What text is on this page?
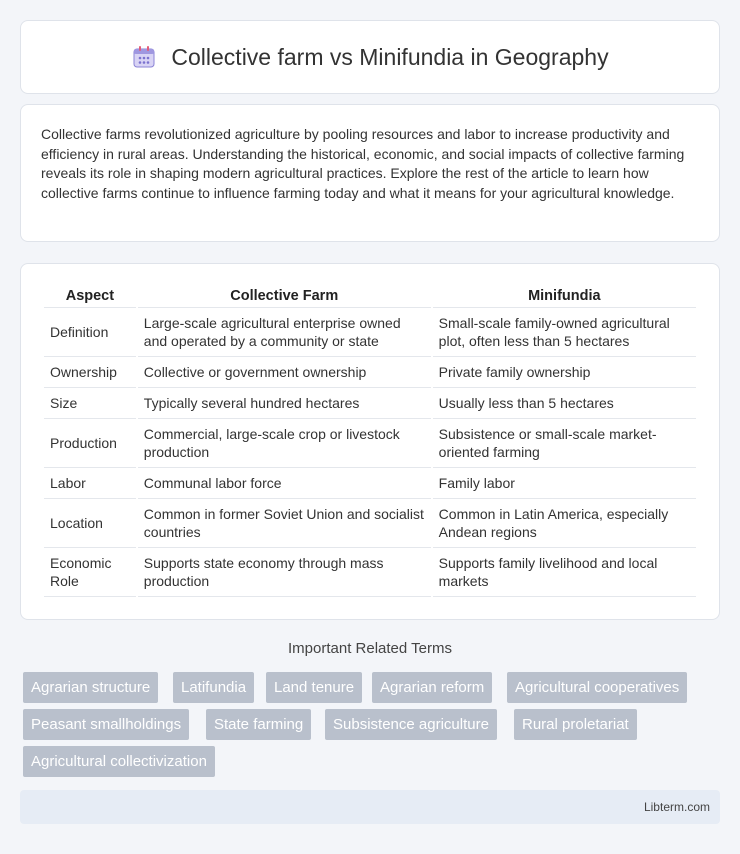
Collective farm vs Minifundia in Geography

Collective farms revolutionized agriculture by pooling resources and labor to increase productivity and efficiency in rural areas. Understanding the historical, economic, and social impacts of collective farming reveals its role in shaping modern agricultural practices. Explore the rest of the article to learn how collective farms continue to influence farming today and what it means for your agricultural knowledge.

Aspect	Collective Farm	Minifundia
Definition	Large-scale agricultural enterprise owned and operated by a community or state	Small-scale family-owned agricultural plot, often less than 5 hectares
Ownership	Collective or government ownership	Private family ownership
Size	Typically several hundred hectares	Usually less than 5 hectares
Production	Commercial, large-scale crop or livestock production	Subsistence or small-scale market-oriented farming
Labor	Communal labor force	Family labor
Location	Common in former Soviet Union and socialist countries	Common in Latin America, especially Andean regions
Economic Role	Supports state economy through mass production	Supports family livelihood and local markets
Important Related Terms
Agrarian structure	Latifundia	Land tenure	Agrarian reform	Agricultural cooperatives
Peasant smallholdings	State farming	Subsistence agriculture	Rural proletariat
Agricultural collectivization
Libterm.com
